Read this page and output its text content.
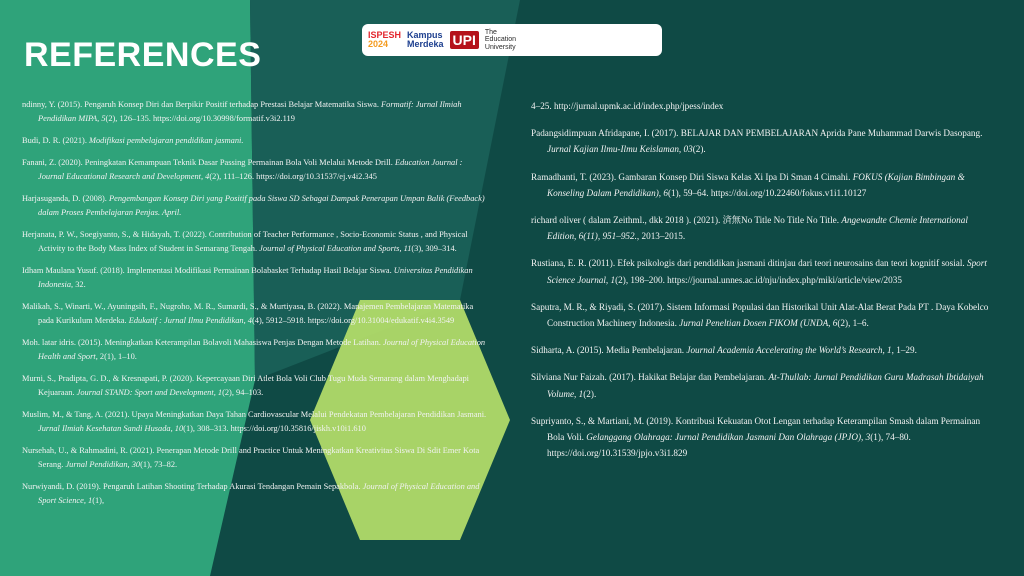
REFERENCES
ISPESH
2024
Kampus
Merdeka UPI	The
Education
University

ndinny, Y. (2015). Pengaruh Konsep Diri dan Berpikir Positif terhadap Prestasi Belajar Matematika Siswa. Formatif: Jurnal Ilmiah Pendidikan MIPA, 5(2), 126–135. https://doi.org/10.30998/formatif.v3i2.119

Budi, D. R. (2021). Modifikasi pembelajaran pendidikan jasmani.

Fanani, Z. (2020). Peningkatan Kemampuan Teknik Dasar Passing Permainan Bola Voli Melalui Metode Drill. Education Journal : Journal Educational Research and Development, 4(2), 111–126. https://doi.org/10.31537/ej.v4i2.345

Harjasuganda, D. (2008). Pengembangan Konsep Diri yang Positif pada Siswa SD Sebagai Dampak Penerapan Umpan Balik (Feedback) dalam Proses Pembelajaran Penjas. April.

Herjanata, P. W., Soegiyanto, S., & Hidayah, T. (2022). Contribution of Teacher Performance , Socio-Economic Status , and Physical Activity to the Body Mass Index of Student in Semarang Tengah. Journal of Physical Education and Sports, 11(3), 309–314.

Idham Maulana Yusuf. (2018). Implementasi Modifikasi Permainan Bolabasket Terhadap Hasil Belajar Siswa. Universitas Pendidikan Indonesia, 32.

Malikah, S., Winarti, W., Ayuningsih, F., Nugroho, M. R., Sumardi, S., & Murtiyasa, B. (2022). Manajemen Pembelajaran Matematika pada Kurikulum Merdeka. Edukatif : Jurnal Ilmu Pendidikan, 4(4), 5912–5918. https://doi.org/10.31004/edukatif.v4i4.3549

Moh. latar idris. (2015). Meningkatkan Keterampilan Bolavoli Mahasiswa Penjas Dengan Metode Latihan. Journal of Physical Education Health and Sport, 2(1), 1–10.

Murni, S., Pradipta, G. D., & Kresnapati, P. (2020). Kepercayaan Diri Atlet Bola Voli Club Tugu Muda Semarang dalam Menghadapi Kejuaraan. Journal STAND: Sport and Development, 1(2), 94–103.

Muslim, M., & Tang, A. (2021). Upaya Meningkatkan Daya Tahan Cardiovascular Melalui Pendekatan Pembelajaran Pendidikan Jasmani. Jurnal Ilmiah Kesehatan Sandi Husada, 10(1), 308–313. https://doi.org/10.35816/jiskh.v10i1.610

Nursehah, U., & Rahmadini, R. (2021). Penerapan Metode Drill and Practice Untuk Meningkatkan Kreativitas Siswa Di Sdit Emer Kota Serang. Jurnal Pendidikan, 30(1), 73–82.

Nurwiyandi, D. (2019). Pengaruh Latihan Shooting Terhadap Akurasi Tendangan Pemain Sepakbola. Journal of Physical Education and Sport Science, 1(1),

4–25. http://jurnal.upmk.ac.id/index.php/jpess/index

Padangsidimpuan Afridapane, I. (2017). BELAJAR DAN PEMBELAJARAN Aprida Pane Muhammad Darwis Dasopang. Jurnal Kajian Ilmu-Ilmu Keislaman, 03(2).

Ramadhanti, T. (2023). Gambaran Konsep Diri Siswa Kelas Xi Ipa Di Sman 4 Cimahi. FOKUS (Kajian Bimbingan & Konseling Dalam Pendidikan), 6(1), 59–64. https://doi.org/10.22460/fokus.v1i1.10127

richard oliver ( dalam Zeithml., dkk 2018 ). (2021). 済無No Title No Title No Title. Angewandte Chemie International Edition, 6(11), 951–952., 2013–2015.

Rustiana, E. R. (2011). Efek psikologis dari pendidikan jasmani ditinjau dari teori neurosains dan teori kognitif sosial. Sport Science Journal, 1(2), 198–200. https://journal.unnes.ac.id/nju/index.php/miki/article/view/2035

Saputra, M. R., & Riyadi, S. (2017). Sistem Informasi Populasi dan Historikal Unit Alat-Alat Berat Pada PT . Daya Kobelco Construction Machinery Indonesia. Jurnal Peneltian Dosen FIKOM (UNDA, 6(2), 1–6.

Sidharta, A. (2015). Media Pembelajaran. Journal Academia Accelerating the World’s Research, 1, 1–29.

Silviana Nur Faizah. (2017). Hakikat Belajar dan Pembelajaran. At-Thullab: Jurnal Pendidikan Guru Madrasah Ibtidaiyah Volume, 1(2).

Supriyanto, S., & Martiani, M. (2019). Kontribusi Kekuatan Otot Lengan terhadap Keterampilan Smash dalam Permainan Bola Voli. Gelanggang Olahraga: Jurnal Pendidikan Jasmani Dan Olahraga (JPJO), 3(1), 74–80. https://doi.org/10.31539/jpjo.v3i1.829
